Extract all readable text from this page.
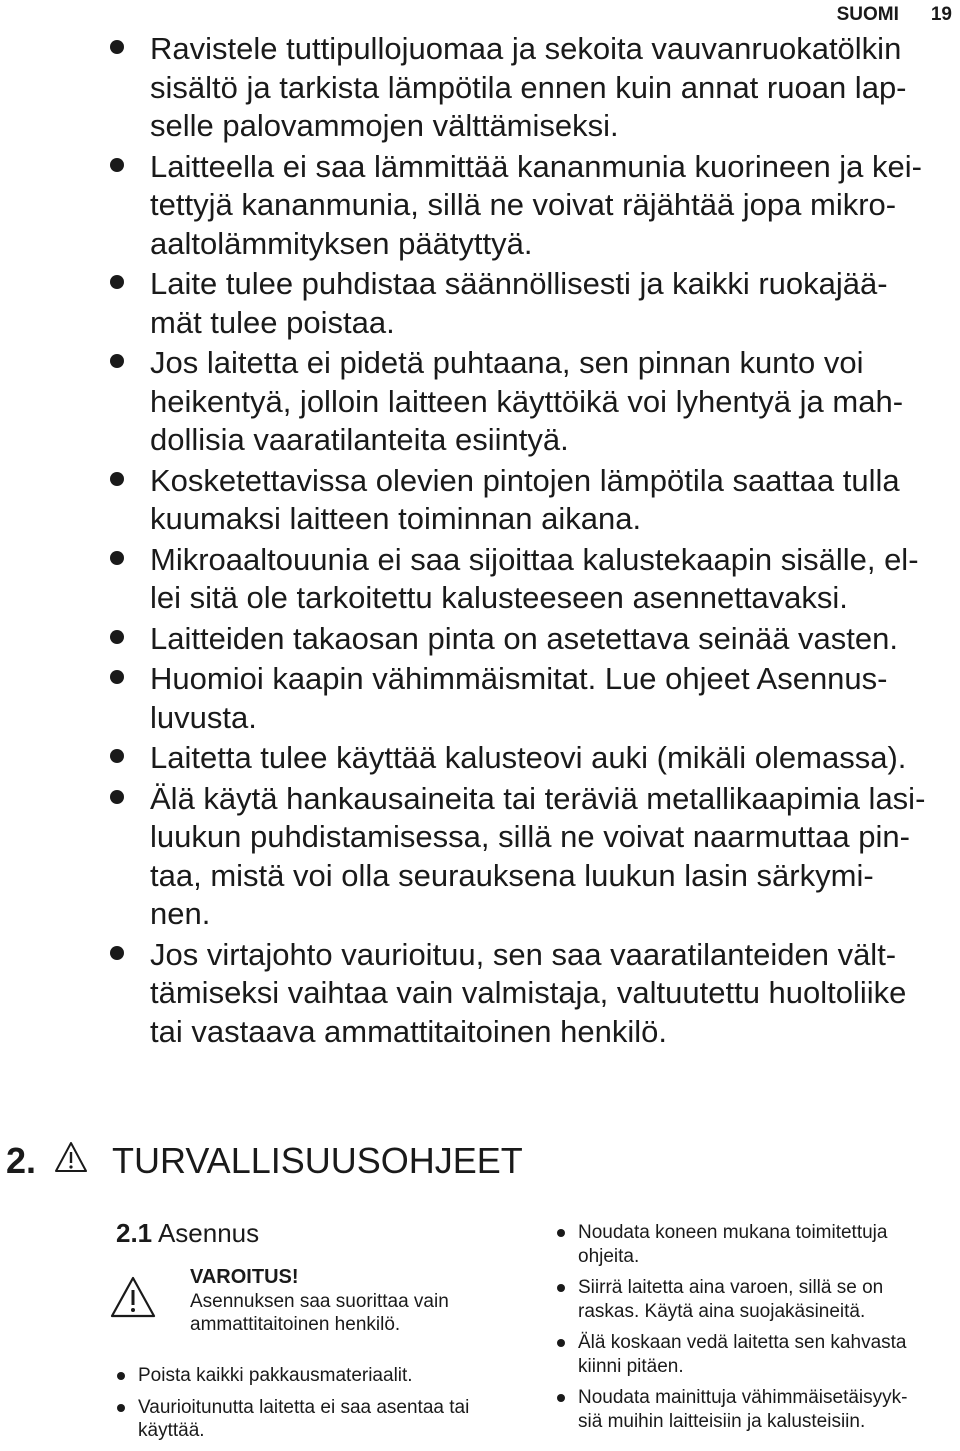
SUOMI 19
Ravistele tuttipullojuomaa ja sekoita vauvanruokatölkin
sisältö ja tarkista lämpötila ennen kuin annat ruoan lap-
selle palovammojen välttämiseksi.
Laitteella ei saa lämmittää kananmunia kuorineen ja kei-
tettyjä kananmunia, sillä ne voivat räjähtää jopa mikro-
aaltolämmityksen päätyttyä.
Laite tulee puhdistaa säännöllisesti ja kaikki ruokajää-
mät tulee poistaa.
Jos laitetta ei pidetä puhtaana, sen pinnan kunto voi
heikentyä, jolloin laitteen käyttöikä voi lyhentyä ja mah-
dollisia vaaratilanteita esiintyä.
Kosketettavissa olevien pintojen lämpötila saattaa tulla
kuumaksi laitteen toiminnan aikana.
Mikroaaltouunia ei saa sijoittaa kalustekaapin sisälle, el-
lei sitä ole tarkoitettu kalusteeseen asennettavaksi.
Laitteiden takaosan pinta on asetettava seinää vasten.
Huomioi kaapin vähimmäismitat. Lue ohjeet Asennus-
luvusta.
Laitetta tulee käyttää kalusteovi auki (mikäli olemassa).
Älä käytä hankausaineita tai teräviä metallikaapimia lasi-
luukun puhdistamisessa, sillä ne voivat naarmuttaa pin-
taa, mistä voi olla seurauksena luukun lasin särkymi-
nen.
Jos virtajohto vaurioituu, sen saa vaaratilanteiden vält-
tämiseksi vaihtaa vain valmistaja, valtuutettu huoltoliike
tai vastaava ammattitaitoinen henkilö.
2.	TURVALLISUUSOHJEET
2.1 Asennus
VAROITUS!
Asennuksen saa suorittaa vain
ammattitaitoinen henkilö.
Poista kaikki pakkausmateriaalit.
Vaurioitunutta laitetta ei saa asentaa tai
käyttää.
Noudata koneen mukana toimitettuja
ohjeita.
Siirrä laitetta aina varoen, sillä se on
raskas. Käytä aina suojakäsineitä.
Älä koskaan vedä laitetta sen kahvasta
kiinni pitäen.
Noudata mainittuja vähimmäisetäisyyk-
siä muihin laitteisiin ja kalusteisiin.
